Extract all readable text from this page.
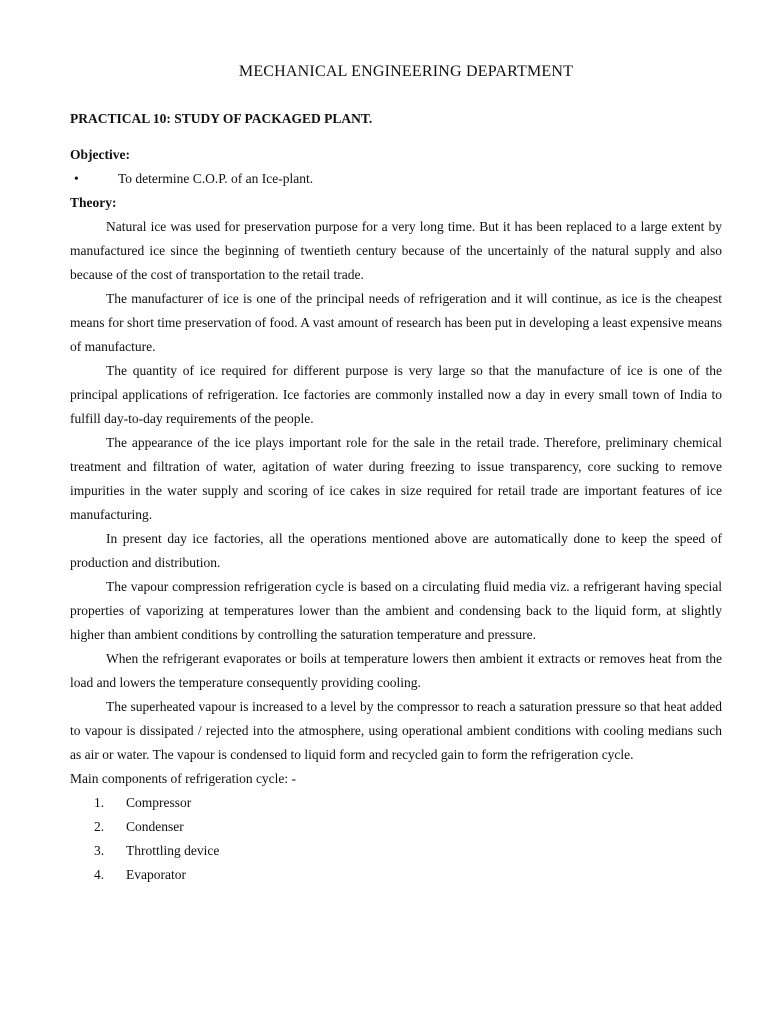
MECHANICAL ENGINEERING DEPARTMENT

PRACTICAL 10: STUDY OF PACKAGED PLANT.

Objective:

•	To determine C.O.P. of an Ice-plant.

Theory:

Natural ice was used for preservation purpose for a very long time. But it has been replaced to a large extent by manufactured ice since the beginning of twentieth century because of the uncertainly of the natural supply and also because of the cost of transportation to the retail trade.

The manufacturer of ice is one of the principal needs of refrigeration and it will continue, as ice is the cheapest means for short time preservation of food. A vast amount of research has been put in developing a least expensive means of manufacture.

The quantity of ice required for different purpose is very large so that the manufacture of ice is one of the principal applications of refrigeration. Ice factories are commonly installed now a day in every small town of India to fulfill day-to-day requirements of the people.

The appearance of the ice plays important role for the sale in the retail trade. Therefore, preliminary chemical treatment and filtration of water, agitation of water during freezing to issue transparency, core sucking to remove impurities in the water supply and scoring of ice cakes in size required for retail trade are important features of ice manufacturing.

In present day ice factories, all the operations mentioned above are automatically done to keep the speed of production and distribution.

The vapour compression refrigeration cycle is based on a circulating fluid media viz. a refrigerant having special properties of vaporizing at temperatures lower than the ambient and condensing back to the liquid form, at slightly higher than ambient conditions by controlling the saturation temperature and pressure.

When the refrigerant evaporates or boils at temperature lowers then ambient it extracts or removes heat from the load and lowers the temperature consequently providing cooling.

The superheated vapour is increased to a level by the compressor to reach a saturation pressure so that heat added to vapour is dissipated / rejected into the atmosphere, using operational ambient conditions with cooling medians such as air or water. The vapour is condensed to liquid form and recycled gain to form the refrigeration cycle.

Main components of refrigeration cycle: -

1.	Compressor
2.	Condenser
3.	Throttling device
4.	Evaporator
